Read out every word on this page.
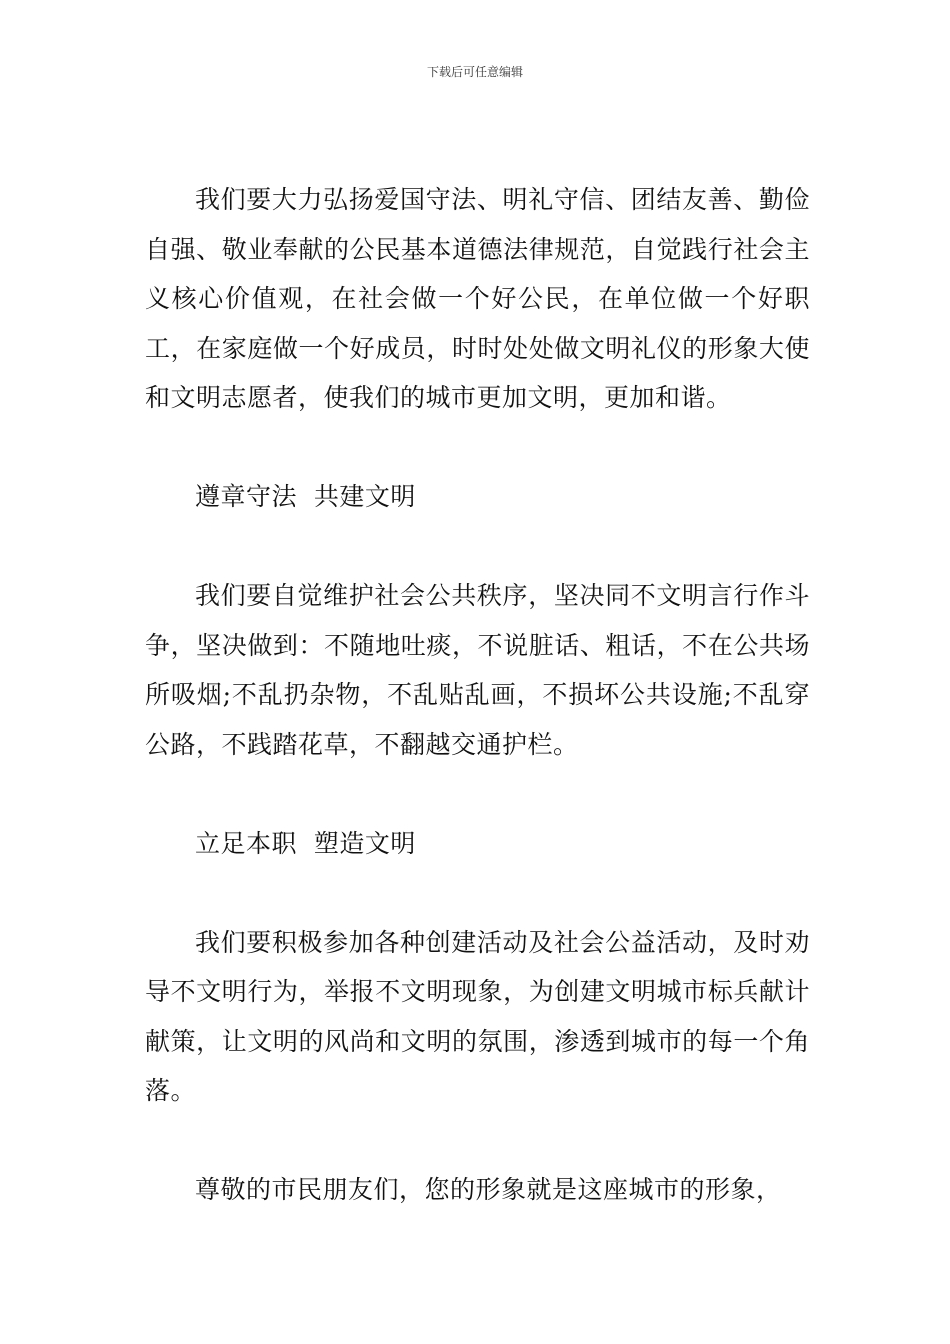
下载后可任意编辑

我们要大力弘扬爱国守法、明礼守信、团结友善、勤俭自强、敬业奉献的公民基本道德法律规范，自觉践行社会主义核心价值观，在社会做一个好公民，在单位做一个好职工，在家庭做一个好成员，时时处处做文明礼仪的形象大使和文明志愿者，使我们的城市更加文明，更加和谐。

遵章守法  共建文明

我们要自觉维护社会公共秩序，坚决同不文明言行作斗争，坚决做到：不随地吐痰，不说脏话、粗话，不在公共场所吸烟;不乱扔杂物，不乱贴乱画，不损坏公共设施;不乱穿公路，不践踏花草，不翻越交通护栏。

立足本职  塑造文明

我们要积极参加各种创建活动及社会公益活动，及时劝导不文明行为，举报不文明现象，为创建文明城市标兵献计献策，让文明的风尚和文明的氛围，渗透到城市的每一个角落。

尊敬的市民朋友们，您的形象就是这座城市的形象，
